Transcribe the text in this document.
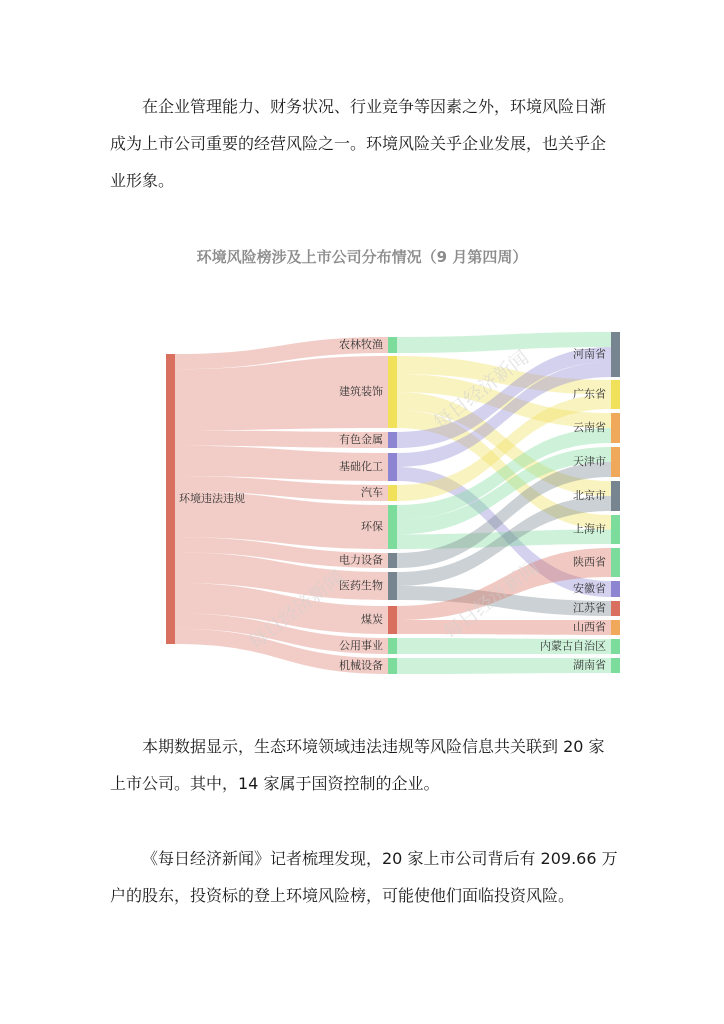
在企业管理能力、财务状况、行业竞争等因素之外，环境风险日渐成为上市公司重要的经营风险之一。环境风险关乎企业发展，也关乎企业形象。

环境风险榜涉及上市公司分布情况（9 月第四周）
环境违法违规
农林牧渔
建筑装饰
有色金属
基础化工
汽车
环保
电力设备
医药生物
煤炭
公用事业
机械设备
河南省
广东省
云南省
天津市
北京市
上海市
陕西省
安徽省
江苏省
山西省
内蒙古自治区
湖南省
每日经济新闻
每日经济新闻
每日经济新闻

本期数据显示，生态环境领域违法违规等风险信息共关联到 20 家上市公司。其中，14 家属于国资控制的企业。

《每日经济新闻》记者梳理发现，20 家上市公司背后有 209.66 万户的股东，投资标的登上环境风险榜，可能使他们面临投资风险。
